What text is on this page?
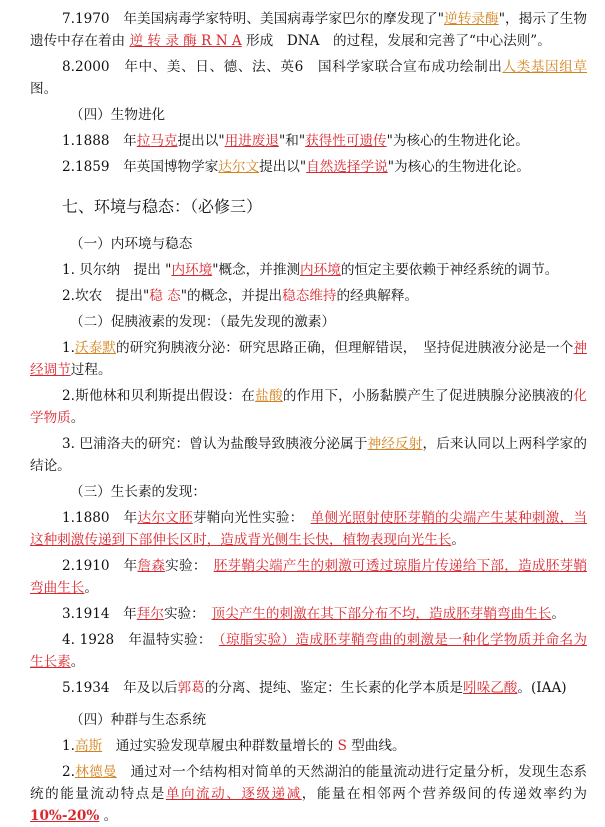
7.1970　年美国病毒学家特明、美国病毒学家巴尔的摩发现了"逆转录酶"，揭示了生物遗传中存在着由 逆 转 录 酶 R N A 形成　DNA　的过程，发展和完善了“中心法则”。

8.2000　年中、美、日、德、法、英6　国科学家联合宣布成功绘制出人类基因组草图。

（四）生物进化

1.1888　年拉马克提出以"用进废退"和"获得性可遗传"为核心的生物进化论。

2.1859　年英国博物学家达尔文提出以"自然选择学说"为核心的生物进化论。

七、环境与稳态：（必修三）

（一）内环境与稳态

1. 贝尔纳　提出 "内环境"概念，并推测内环境的恒定主要依赖于神经系统的调节。

2.坎农　提出"稳 态"的概念，并提出稳态维持的经典解释。

（二）促胰液素的发现：（最先发现的激素）

1.沃泰默的研究狗胰液分泌：研究思路正确，但理解错误，　坚持促进胰液分泌是一个神经调节过程。

2.斯他林和贝利斯提出假设：在盐酸的作用下，小肠黏膜产生了促进胰腺分泌胰液的化学物质。

3. 巴浦洛夫的研究：曾认为盐酸导致胰液分泌属于神经反射，后来认同以上两科学家的结论。

（三）生长素的发现：

1.1880　年达尔文胚芽鞘向光性实验：　单侧光照射使胚芽鞘的尖端产生某种刺激，当这种刺激传递到下部伸长区时，造成背光侧生长快，植物表现向光生长。

2.1910　年詹森实验：　胚芽鞘尖端产生的刺激可透过琼脂片传递给下部，造成胚芽鞘弯曲生长。

3.1914　年拜尔实验：　顶尖产生的刺激在其下部分布不均，造成胚芽鞘弯曲生长。

4. 1928　年温特实验：　（琼脂实验）造成胚芽鞘弯曲的刺激是一种化学物质并命名为生长素。

5.1934　年及以后郭葛的分离、提纯、鉴定：生长素的化学本质是吲哚乙酸。(IAA)

（四）种群与生态系统

1.高斯　通过实验发现草履虫种群数量增长的 S 型曲线。

2.林德曼　通过对一个结构相对简单的天然湖泊的能量流动进行定量分析，发现生态系统的能量流动特点是单向流动、逐级递减，能量在相邻两个营养级间的传递效率约为 10%-20% 。
